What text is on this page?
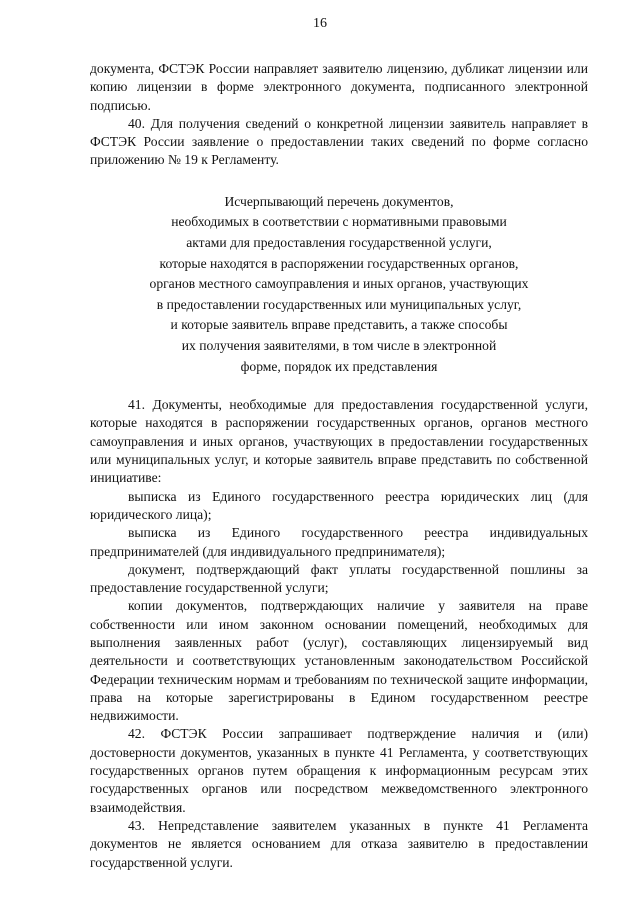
16

документа, ФСТЭК России направляет заявителю лицензию, дубликат лицензии или копию лицензии в форме электронного документа, подписанного электронной подписью.

40. Для получения сведений о конкретной лицензии заявитель направляет в ФСТЭК России заявление о предоставлении таких сведений по форме согласно приложению № 19 к Регламенту.

Исчерпывающий перечень документов,
необходимых в соответствии с нормативными правовыми
актами для предоставления государственной услуги,
которые находятся в распоряжении государственных органов,
органов местного самоуправления и иных органов, участвующих
в предоставлении государственных или муниципальных услуг,
и которые заявитель вправе представить, а также способы
их получения заявителями, в том числе в электронной
форме, порядок их представления

41. Документы, необходимые для предоставления государственной услуги, которые находятся в распоряжении государственных органов, органов местного самоуправления и иных органов, участвующих в предоставлении государственных или муниципальных услуг, и которые заявитель вправе представить по собственной инициативе:

выписка из Единого государственного реестра юридических лиц (для юридического лица);

выписка из Единого государственного реестра индивидуальных предпринимателей (для индивидуального предпринимателя);

документ, подтверждающий факт уплаты государственной пошлины за предоставление государственной услуги;

копии документов, подтверждающих наличие у заявителя на праве собственности или ином законном основании помещений, необходимых для выполнения заявленных работ (услуг), составляющих лицензируемый вид деятельности и соответствующих установленным законодательством Российской Федерации техническим нормам и требованиям по технической защите информации, права на которые зарегистрированы в Едином государственном реестре недвижимости.

42. ФСТЭК России запрашивает подтверждение наличия и (или) достоверности документов, указанных в пункте 41 Регламента, у соответствующих государственных органов путем обращения к информационным ресурсам этих государственных органов или посредством межведомственного электронного взаимодействия.

43. Непредставление заявителем указанных в пункте 41 Регламента документов не является основанием для отказа заявителю в предоставлении государственной услуги.
